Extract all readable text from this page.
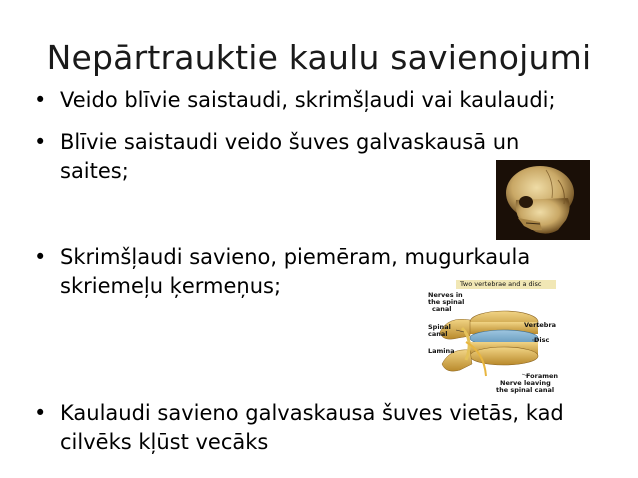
Nepārtrauktie kaulu savienojumi
• Veido blīvie saistaudi, skrimšļaudi vai kaulaudi;
• Blīvie saistaudi veido šuves galvaskausā un
saites;
• Skrimšļaudi savieno, piemēram, mugurkaula
skriemeļu ķermeņus;
• Kaulaudi savieno galvaskausa šuves vietās, kad
cilvēks kļūst vecāks
Two vertebrae and a disc
Nerves in
the spinal
canal
Spinal
canal
Vertebra
Disc
Lamina
Foramen
Nerve leaving
the spinal canal
